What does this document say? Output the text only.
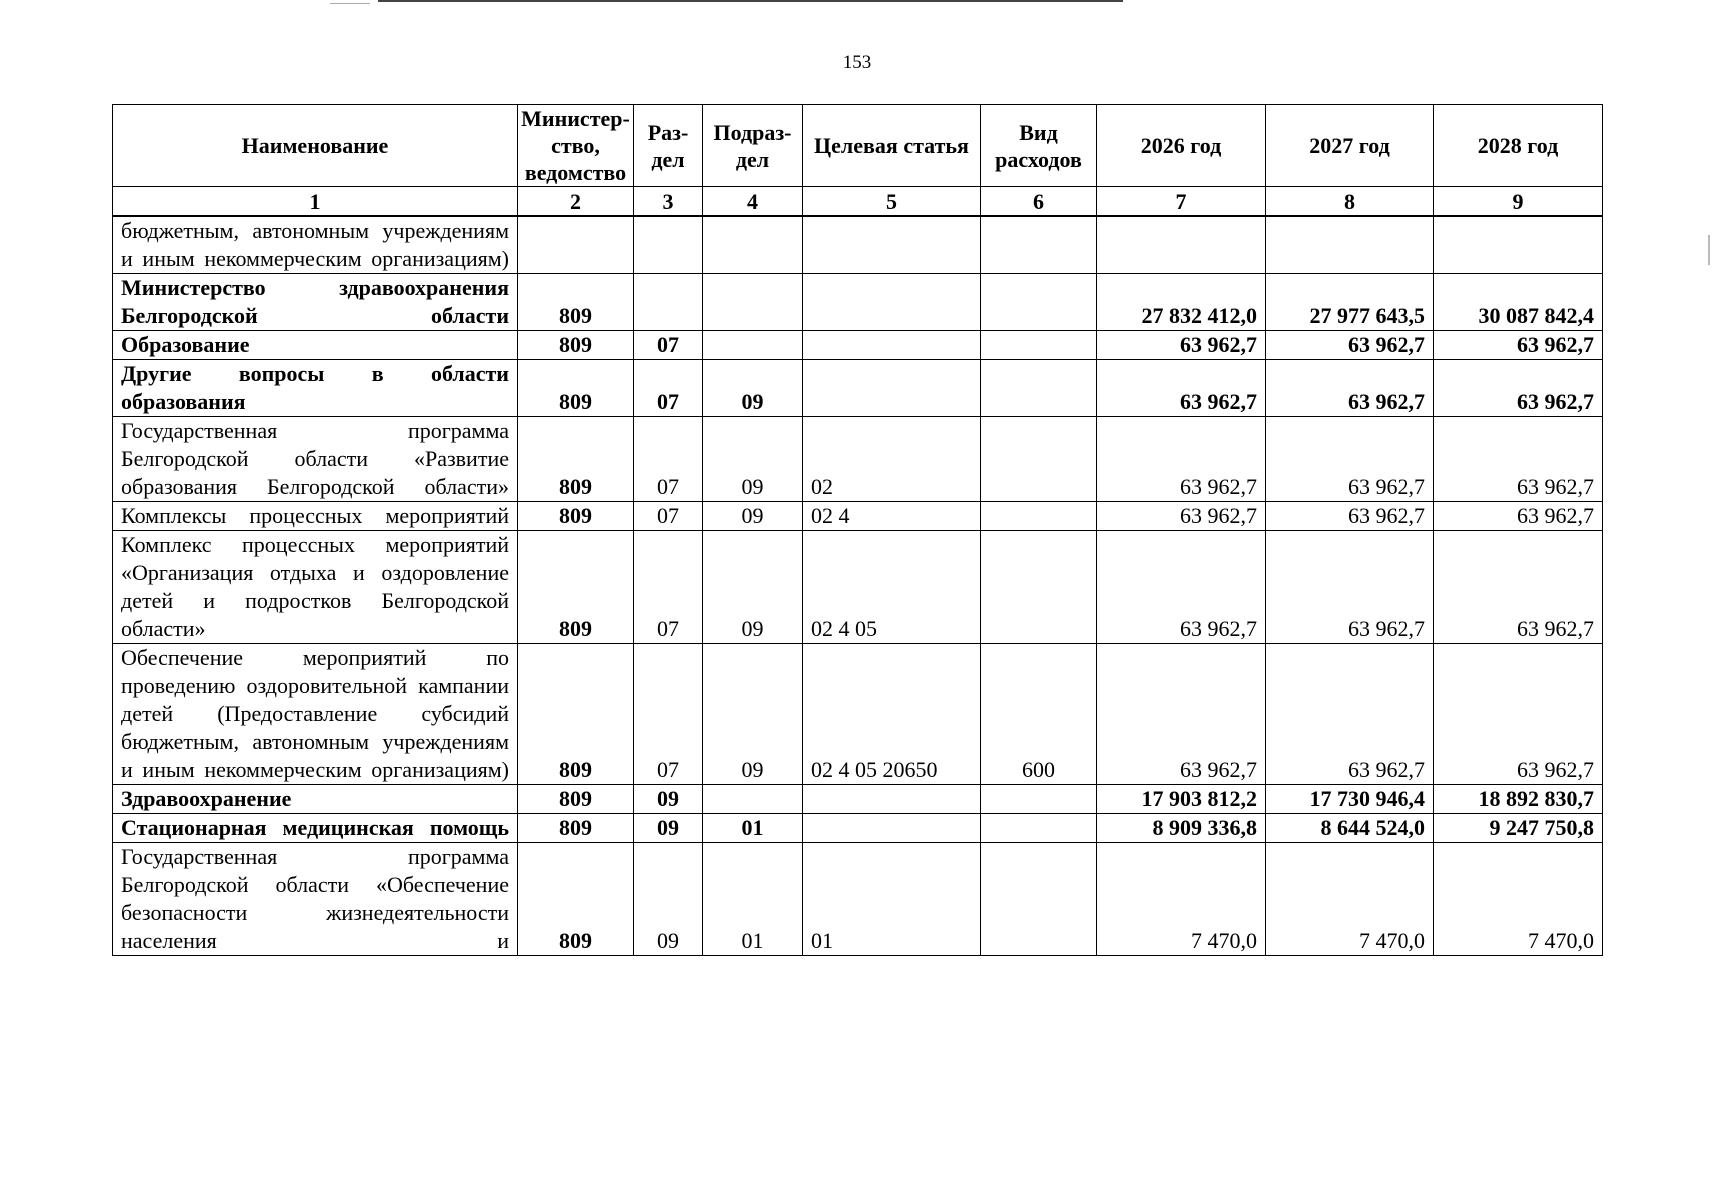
153
Наименование	Министер-ство, ведомство	Раз-дел	Подраз-дел	Целевая статья	Вид расходов	2026 год	2027 год	2028 год
1	2	3	4	5	6	7	8	9
бюджетным, автономным учреждениям и иным некоммерческим организациям)								
Министерство здравоохранения Белгородской области	809					27 832 412,0	27 977 643,5	30 087 842,4
Образование	809	07				63 962,7	63 962,7	63 962,7
Другие вопросы в области образования	809	07	09			63 962,7	63 962,7	63 962,7
Государственная программа Белгородской области «Развитие образования Белгородской области»	809	07	09	02		63 962,7	63 962,7	63 962,7
Комплексы процессных мероприятий	809	07	09	02 4		63 962,7	63 962,7	63 962,7
Комплекс процессных мероприятий «Организация отдыха и оздоровление детей и подростков Белгородской области»	809	07	09	02 4 05		63 962,7	63 962,7	63 962,7
Обеспечение мероприятий по проведению оздоровительной кампании детей (Предоставление субсидий бюджетным, автономным учреждениям и иным некоммерческим организациям)	809	07	09	02 4 05 20650	600	63 962,7	63 962,7	63 962,7
Здравоохранение	809	09				17 903 812,2	17 730 946,4	18 892 830,7
Стационарная медицинская помощь	809	09	01			8 909 336,8	8 644 524,0	9 247 750,8
Государственная программа Белгородской области «Обеспечение безопасности жизнедеятельности населения и	809	09	01	01		7 470,0	7 470,0	7 470,0
